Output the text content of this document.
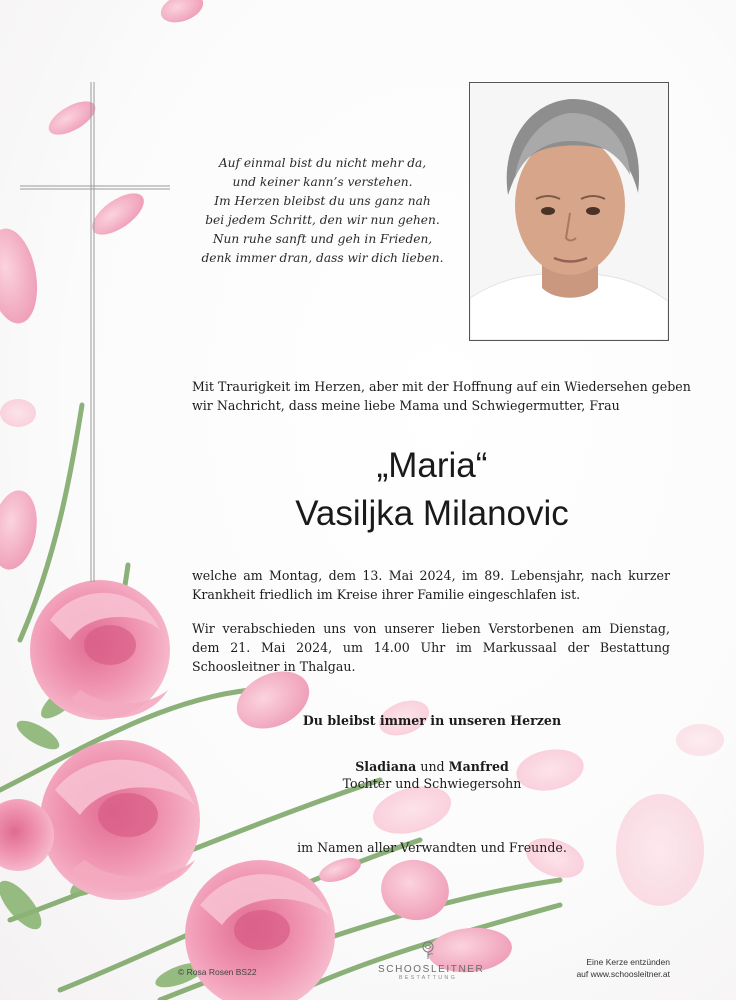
Auf einmal bist du nicht mehr da,
und keiner kann’s verstehen.
Im Herzen bleibst du uns ganz nah
bei jedem Schritt, den wir nun gehen.
Nun ruhe sanft und geh in Frieden,
denk immer dran, dass wir dich lieben.
Mit Traurigkeit im Herzen, aber mit der Hoffnung auf ein Wiedersehen geben
wir Nachricht, dass meine liebe Mama und Schwiegermutter, Frau
„Maria“
Vasiljka Milanovic
welche am Montag, dem 13. Mai 2024, im 89. Lebensjahr, nach kurzer Krankheit friedlich im Kreise ihrer Familie eingeschlafen ist.
Wir verabschieden uns von unserer lieben Verstorbenen am Dienstag, dem 21. Mai 2024, um 14.00 Uhr im Markussaal der Bestattung Schoosleitner in Thalgau.
Du bleibst immer in unseren Herzen
Sladiana und Manfred
Tochter und Schwiegersohn
im Namen aller Verwandten und Freunde.
© Rosa Rosen BS22	SCHOOSLEITNER
BESTATTUNG
Eine Kerze entzünden
auf www.schoosleitner.at
